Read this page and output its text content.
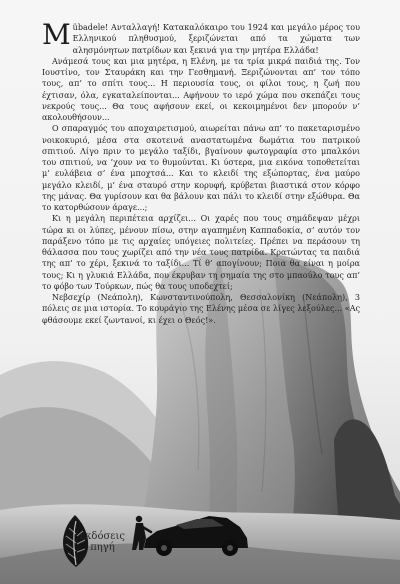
Μübadele! Ανταλλαγή! Κατακαλόκαιρο του 1924 και μεγάλο μέρος του Ελληνικού πληθυσμού, ξεριζώνεται από τα χώματα των αλησμόνητων πατρίδων και ξεκινά για την μητέρα Ελλάδα!

Ανάμεσά τους και μια μητέρα, η Ελένη, με τα τρία μικρά παιδιά της. Τον Ιουστίνο, τον Σταυράκη και την Γεσθημανή. Ξεριζώνονται απ’ τον τόπο τους, απ’ το σπίτι τους... Η περιουσία τους, οι φίλοι τους, η ζωή που έχτισαν, όλα, εγκαταλείπονται... Αφήνουν το ιερό χώμα που σκεπάζει τους νεκρούς τους... Θα τους αφήσουν εκεί, οι κεκοιμημένοι δεν μπορούν ν’ ακολουθήσουν...

Ο σπαραγμός του αποχαιρετισμού, αιωρείται πάνω απ’ το πακεταρισμένο νοικοκυριό, μέσα στα σκοτεινά αναστατωμένα δωμάτια του πατρικού σπιτιού. Λίγο πριν το μεγάλο ταξίδι, βγαίνουν φωτογραφία στο μπαλκόνι του σπιτιού, να ’χουν να το θυμούνται. Κι ύστερα, μια εικόνα τοποθετείται μ’ ευλάβεια σ’ ένα μποχτσά... Και το κλειδί της εξώπορτας, ένα μαύρο μεγάλο κλειδί, μ’ ένα σταυρό στην κορυφή, κρύβεται βιαστικά στον κόρφο της μάνας. Θα γυρίσουν και θα βάλουν και πάλι το κλειδί στην εξώθυρα. Θα το κατορθώσουν άραγε...;

Κι η μεγάλη περιπέτεια αρχίζει... Οι χαρές που τους σημάδεψαν μέχρι τώρα κι οι λύπες, μένουν πίσω, στην αγαπημένη Καππαδοκία, σ’ αυτόν τον παράξενο τόπο με τις αρχαίες υπόγειες πολιτείες. Πρέπει να περάσουν τη θάλασσα που τους χωρίζει από την νέα τους πατρίδα. Κρατώντας τα παιδιά της απ’ το χέρι, ξεκινά το ταξίδι... Τί θ’ απογίνουν; Ποια θα είναι η μοίρα τους; Κι η γλυκιά Ελλάδα, που έκρυβαν τη σημαία της στο μπαούλο τους απ’ το φόβο των Τούρκων, πώς θα τους υποδεχτεί;

Νεβσεχίρ (Νεάπολη), Κωνσταντινούπολη, Θεσσαλονίκη (Νεάπολη), 3 πόλεις σε μια ιστορία. Το κουράγιο της Ελένης μέσα σε λίγες λεξούλες... «Ας φθάσουμε εκεί ζωντανοί, κι έχει ο Θεός!».

εκδόσεις
πηγή
